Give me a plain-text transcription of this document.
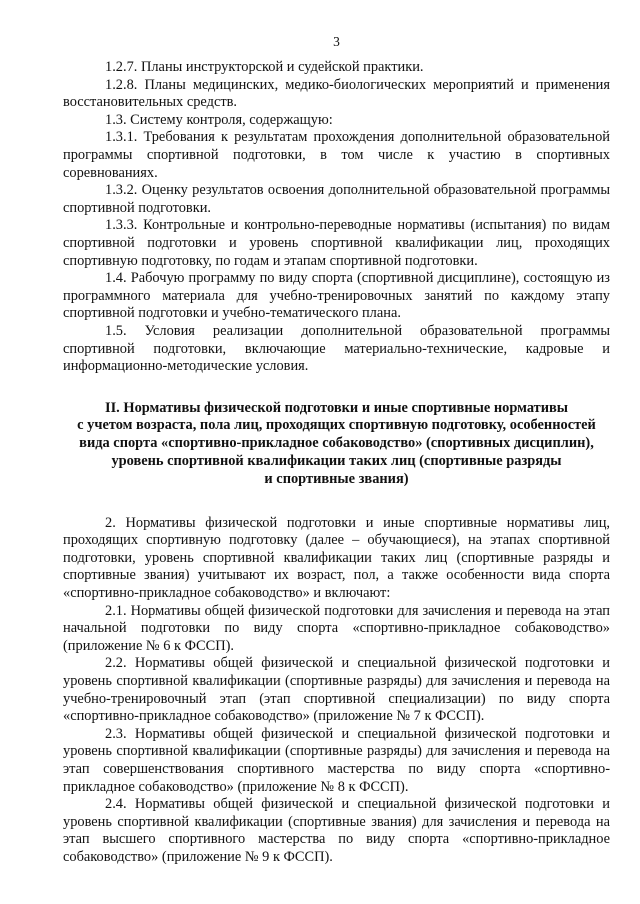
3

1.2.7. Планы инструкторской и судейской практики.

1.2.8. Планы медицинских, медико-биологических мероприятий и применения восстановительных средств.

1.3. Систему контроля, содержащую:

1.3.1. Требования к результатам прохождения дополнительной образовательной программы спортивной подготовки, в том числе к участию в спортивных соревнованиях.

1.3.2. Оценку результатов освоения дополнительной образовательной программы спортивной подготовки.

1.3.3. Контрольные и контрольно-переводные нормативы (испытания) по видам спортивной подготовки и уровень спортивной квалификации лиц, проходящих спортивную подготовку, по годам и этапам спортивной подготовки.

1.4. Рабочую программу по виду спорта (спортивной дисциплине), состоящую из программного материала для учебно-тренировочных занятий по каждому этапу спортивной подготовки и учебно-тематического плана.

1.5. Условия реализации дополнительной образовательной программы спортивной подготовки, включающие материально-технические, кадровые и информационно-методические условия.

II. Нормативы физической подготовки и иные спортивные нормативы
с учетом возраста, пола лиц, проходящих спортивную подготовку, особенностей
вида спорта «спортивно-прикладное собаководство» (спортивных дисциплин),
уровень спортивной квалификации таких лиц (спортивные разряды
и спортивные звания)

2. Нормативы физической подготовки и иные спортивные нормативы лиц, проходящих спортивную подготовку (далее – обучающиеся), на этапах спортивной подготовки, уровень спортивной квалификации таких лиц (спортивные разряды и спортивные звания) учитывают их возраст, пол, а также особенности вида спорта «спортивно-прикладное собаководство» и включают:

2.1. Нормативы общей физической подготовки для зачисления и перевода на этап начальной подготовки по виду спорта «спортивно-прикладное собаководство» (приложение № 6 к ФССП).

2.2. Нормативы общей физической и специальной физической подготовки и уровень спортивной квалификации (спортивные разряды) для зачисления и перевода на учебно-тренировочный этап (этап спортивной специализации) по виду спорта «спортивно-прикладное собаководство» (приложение № 7 к ФССП).

2.3. Нормативы общей физической и специальной физической подготовки и уровень спортивной квалификации (спортивные разряды) для зачисления и перевода на этап совершенствования спортивного мастерства по виду спорта «спортивно-прикладное собаководство» (приложение № 8 к ФССП).

2.4. Нормативы общей физической и специальной физической подготовки и уровень спортивной квалификации (спортивные звания) для зачисления и перевода на этап высшего спортивного мастерства по виду спорта «спортивно-прикладное собаководство» (приложение № 9 к ФССП).
